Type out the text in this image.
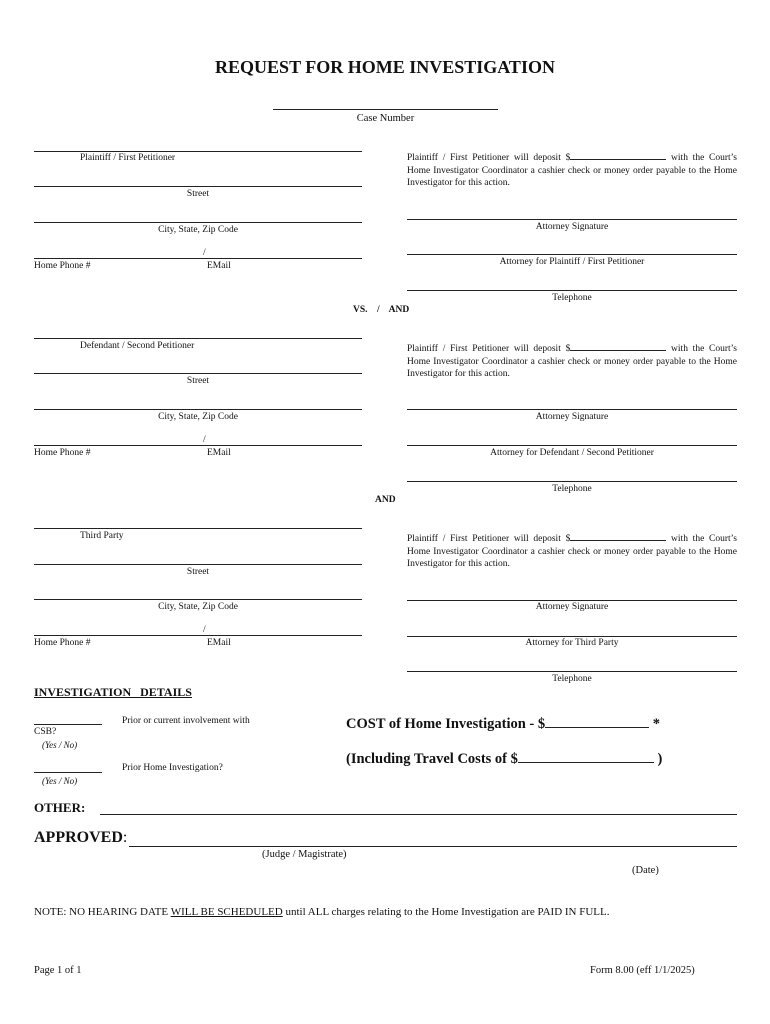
REQUEST FOR HOME INVESTIGATION
Case Number
Plaintiff / First Petitioner
Street
City, State, Zip Code
/
Home Phone #	EMail
Plaintiff / First Petitioner will deposit $	with the Court’s Home Investigator Coordinator a cashier check or money order payable to the Home Investigator for this action.
Attorney Signature
Attorney for Plaintiff / First Petitioner
Telephone
VS.    /    AND
Defendant / Second Petitioner
Street
City, State, Zip Code
/
Home Phone #	EMail
Plaintiff / First Petitioner will deposit $	with the Court’s Home Investigator Coordinator a cashier check or money order payable to the Home Investigator for this action.
Attorney Signature
Attorney for Defendant / Second Petitioner
Telephone
AND
Third Party
Street
City, State, Zip Code
/
Home Phone #	EMail
Plaintiff / First Petitioner will deposit $	with the Court’s Home Investigator Coordinator a cashier check or money order payable to the Home Investigator for this action.
Attorney Signature
Attorney for Third Party
Telephone
INVESTIGATION   DETAILS
Prior or current involvement with
CSB?
(Yes / No)
Prior Home Investigation?
(Yes / No)
COST of Home Investigation - $	*
(Including Travel Costs of $	)
OTHER:
APPROVED:
(Judge / Magistrate)
(Date)
NOTE: NO HEARING DATE WILL BE SCHEDULED until ALL charges relating to the Home Investigation are PAID IN FULL.
Page 1 of 1	Form 8.00 (eff 1/1/2025)
